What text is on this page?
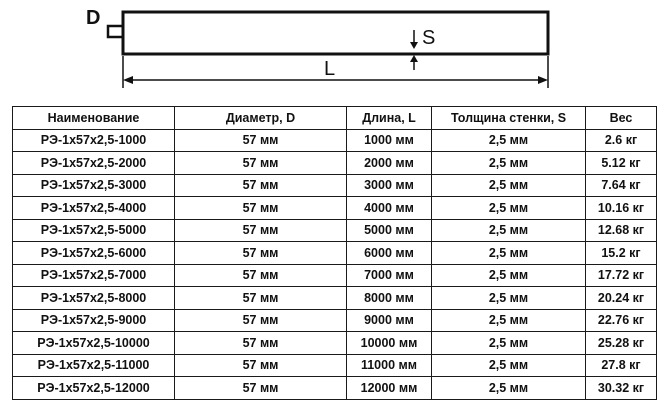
D
S
L
Наименование	Диаметр, D	Длина, L	Толщина стенки, S	Вес
РЭ-1х57х2,5-1000	57 мм	1000 мм	2,5 мм	2.6 кг
РЭ-1х57х2,5-2000	57 мм	2000 мм	2,5 мм	5.12 кг
РЭ-1х57х2,5-3000	57 мм	3000 мм	2,5 мм	7.64 кг
РЭ-1х57х2,5-4000	57 мм	4000 мм	2,5 мм	10.16 кг
РЭ-1х57х2,5-5000	57 мм	5000 мм	2,5 мм	12.68 кг
РЭ-1х57х2,5-6000	57 мм	6000 мм	2,5 мм	15.2 кг
РЭ-1х57х2,5-7000	57 мм	7000 мм	2,5 мм	17.72 кг
РЭ-1х57х2,5-8000	57 мм	8000 мм	2,5 мм	20.24 кг
РЭ-1х57х2,5-9000	57 мм	9000 мм	2,5 мм	22.76 кг
РЭ-1х57х2,5-10000	57 мм	10000 мм	2,5 мм	25.28 кг
РЭ-1х57х2,5-11000	57 мм	11000 мм	2,5 мм	27.8 кг
РЭ-1х57х2,5-12000	57 мм	12000 мм	2,5 мм	30.32 кг
